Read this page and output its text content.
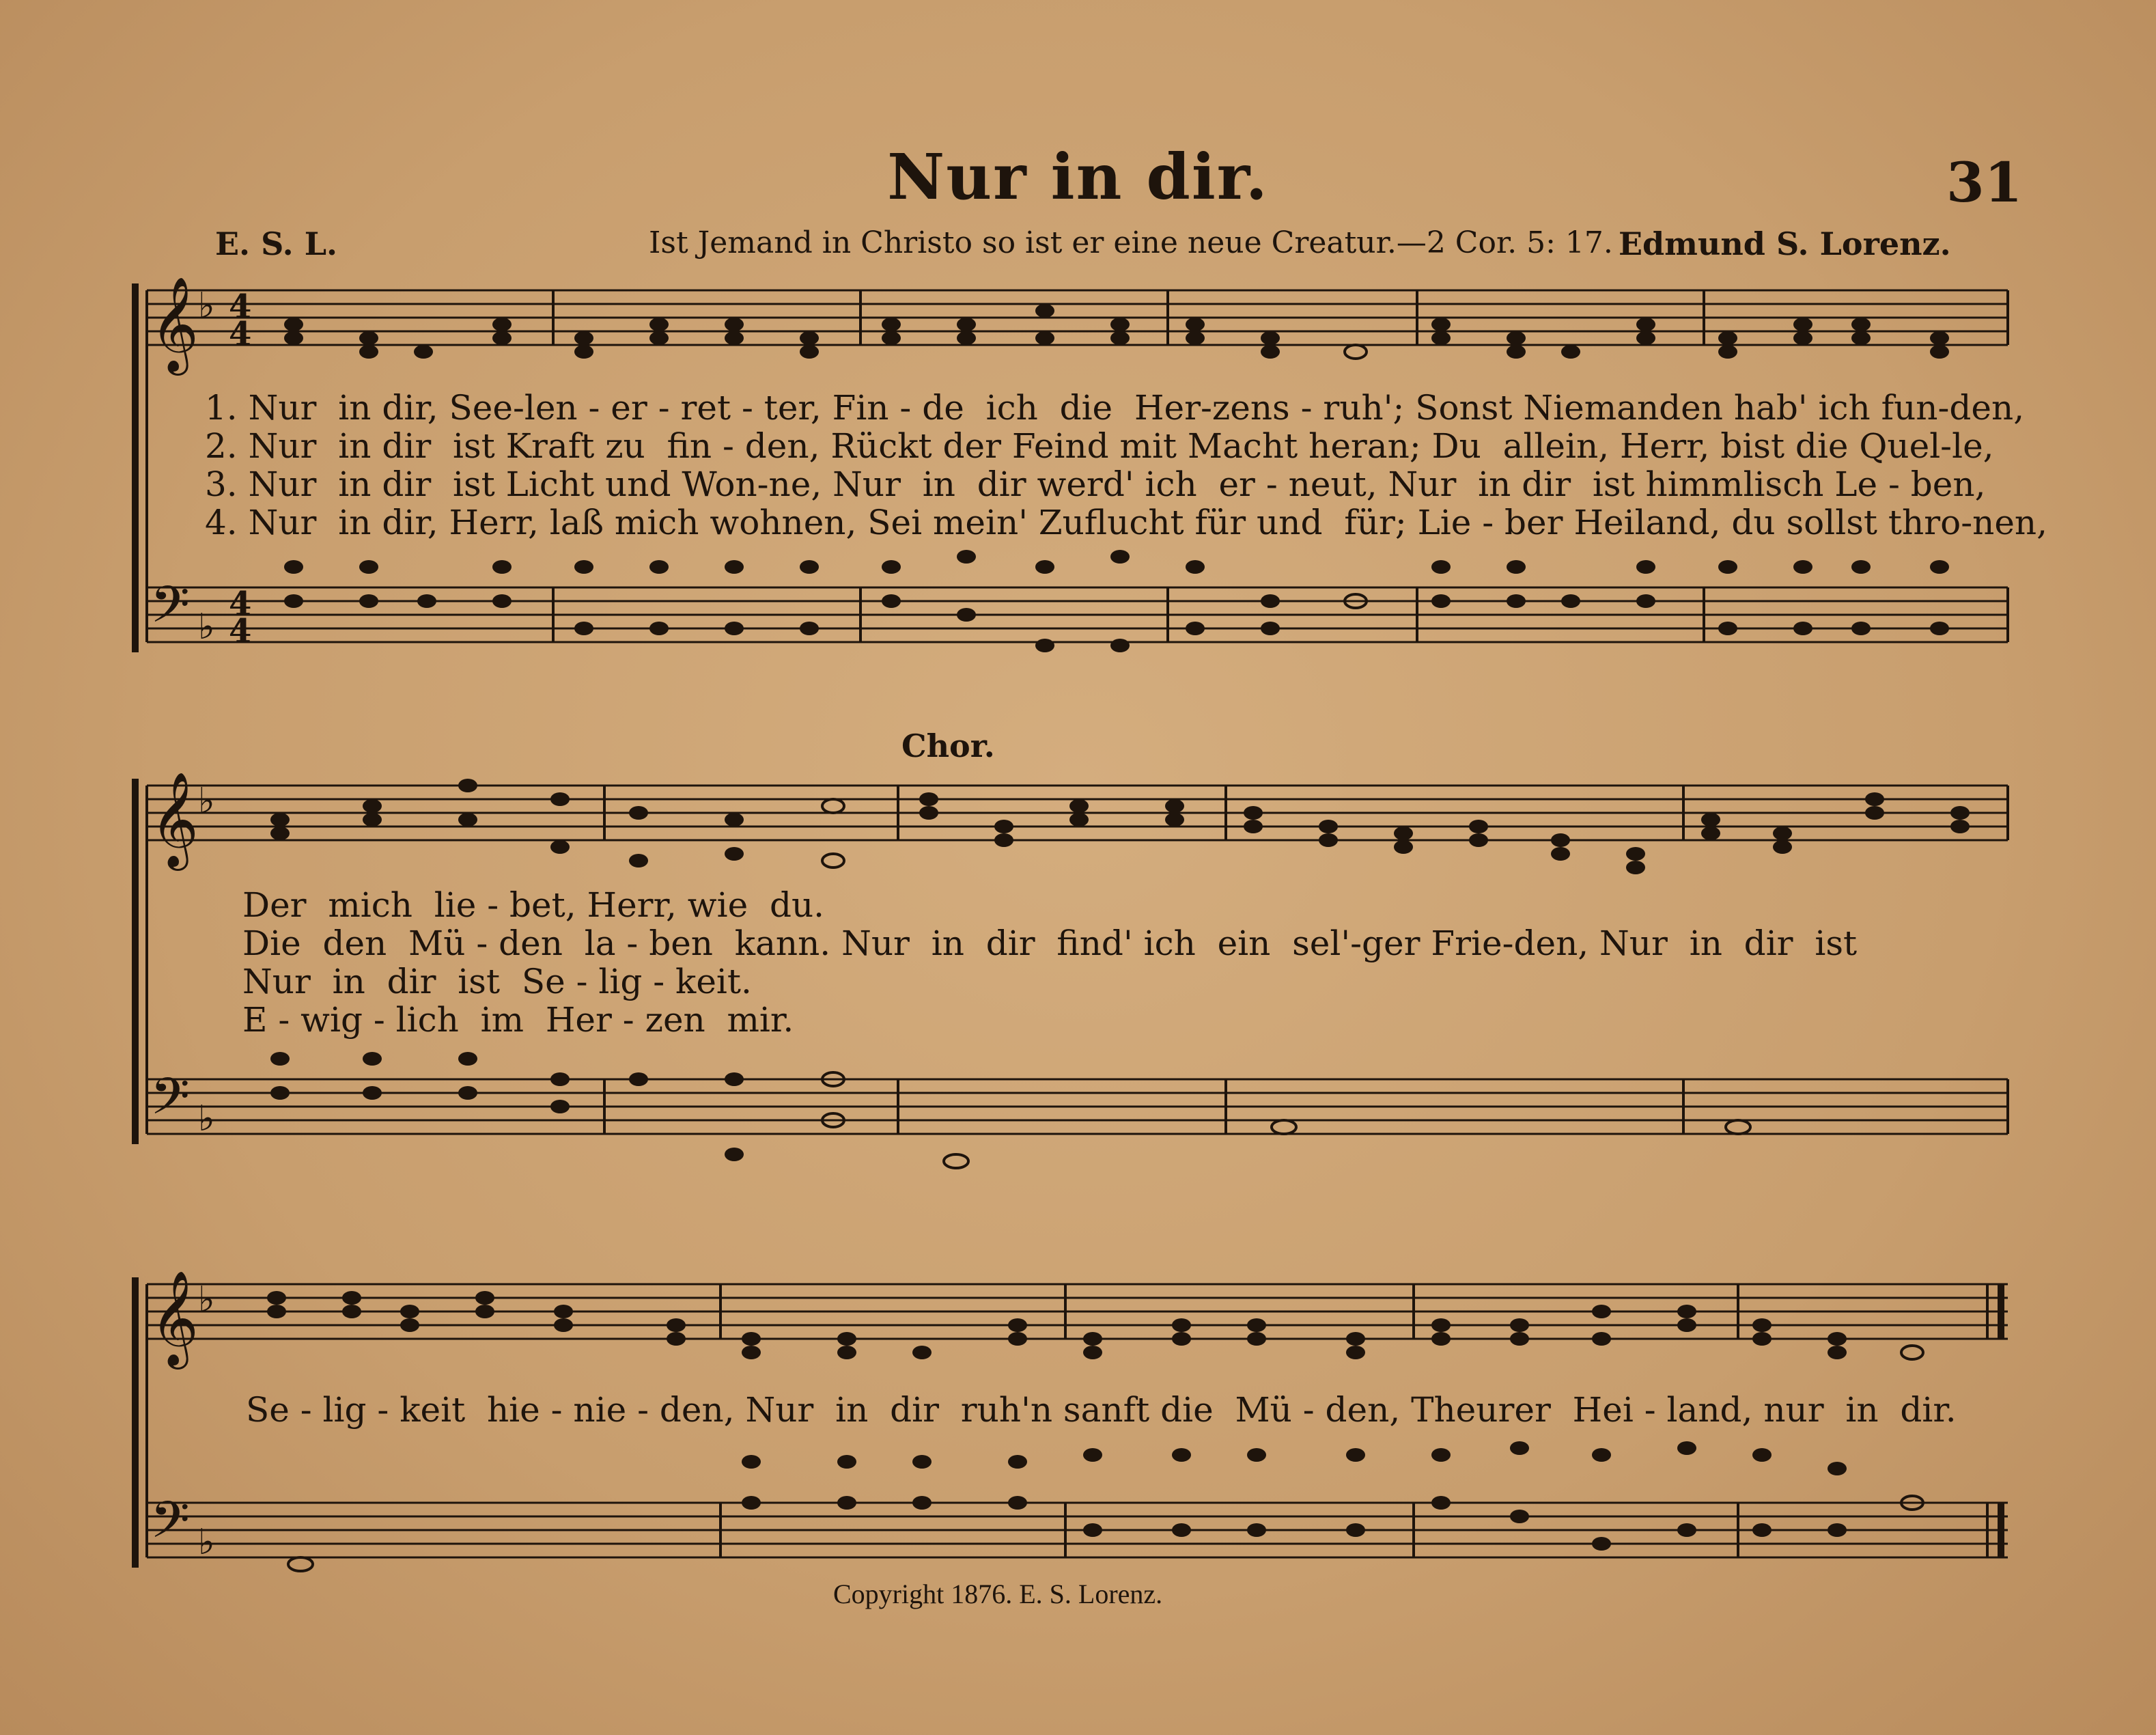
Nur in dir.	31
E. S. L.	Ist Jemand in Christo so ist er eine neue Creatur.—2 Cor. 5: 17. Edmund S. Lorenz.
𝄞
𝄢
𝄞
𝄢
𝄞
𝄢
♭ 4
4
♭
4
4
♭
♭
♭
♭
1. Nur  in dir, See-len - er - ret - ter, Fin - de  ich  die  Her-zens - ruh'; Sonst Niemanden hab' ich fun-den,
2. Nur  in dir  ist Kraft zu  fin - den, Rückt der Feind mit Macht heran; Du  allein, Herr, bist die Quel-le,
3. Nur  in dir  ist Licht und Won-ne, Nur  in  dir werd' ich  er - neut, Nur  in dir  ist himmlisch Le - ben,
4. Nur  in dir, Herr, laß mich wohnen, Sei mein' Zuflucht für und  für; Lie - ber Heiland, du sollst thro-nen,
Chor.
Der  mich  lie - bet, Herr, wie  du.
Die  den  Mü - den  la - ben  kann. Nur  in  dir  find' ich  ein  sel'-ger Frie-den, Nur  in  dir  ist
Nur  in  dir  ist  Se - lig - keit.
E - wig - lich  im  Her - zen  mir.
Se - lig - keit  hie - nie - den, Nur  in  dir  ruh'n sanft die  Mü - den, Theurer  Hei - land, nur  in  dir.
Copyright 1876. E. S. Lorenz.
